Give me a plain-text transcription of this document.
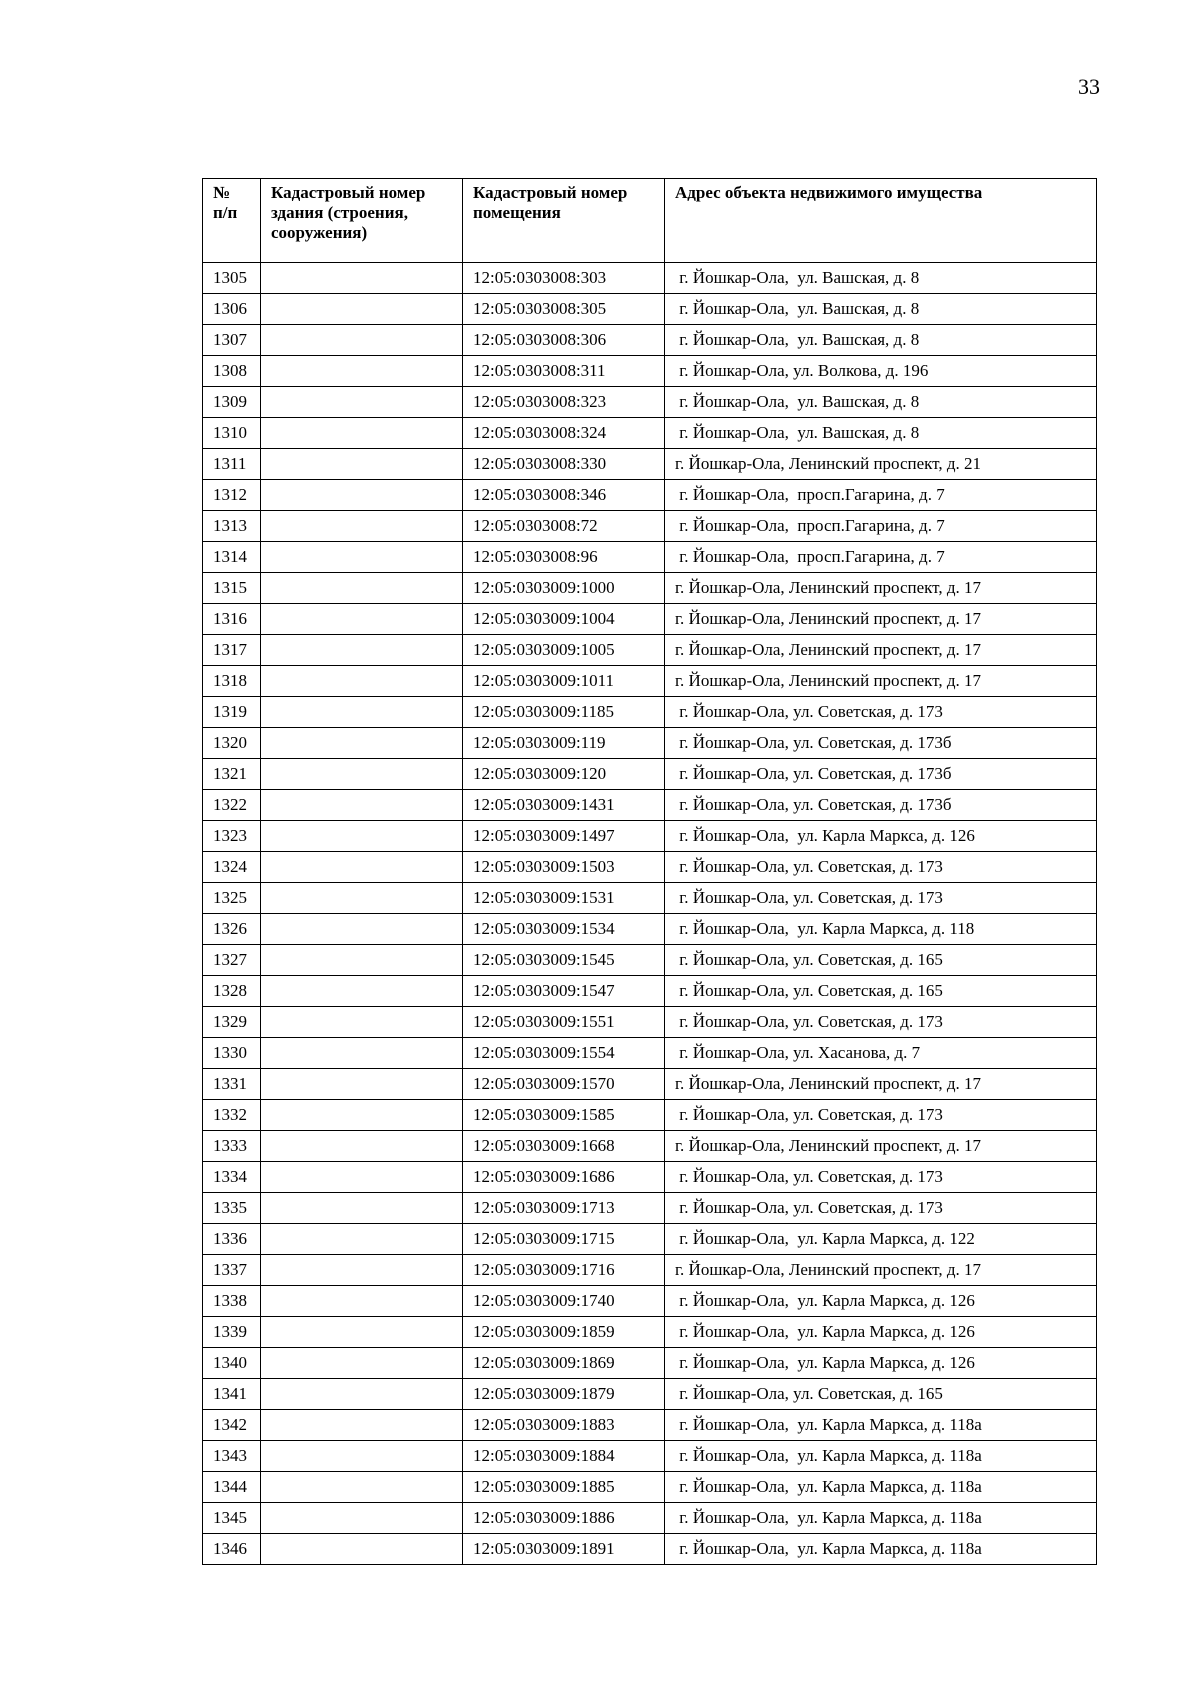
33
№
п/п	Кадастровый номер здания (строения, сооружения)	Кадастровый номер помещения	Адрес объекта недвижимого имущества
1305		12:05:0303008:303	г. Йошкар-Ола,  ул. Вашская, д. 8
1306		12:05:0303008:305	г. Йошкар-Ола,  ул. Вашская, д. 8
1307		12:05:0303008:306	г. Йошкар-Ола,  ул. Вашская, д. 8
1308		12:05:0303008:311	г. Йошкар-Ола, ул. Волкова, д. 196
1309		12:05:0303008:323	г. Йошкар-Ола,  ул. Вашская, д. 8
1310		12:05:0303008:324	г. Йошкар-Ола,  ул. Вашская, д. 8
1311		12:05:0303008:330	г. Йошкар-Ола, Ленинский проспект, д. 21
1312		12:05:0303008:346	г. Йошкар-Ола,  просп.Гагарина, д. 7
1313		12:05:0303008:72	г. Йошкар-Ола,  просп.Гагарина, д. 7
1314		12:05:0303008:96	г. Йошкар-Ола,  просп.Гагарина, д. 7
1315		12:05:0303009:1000	г. Йошкар-Ола, Ленинский проспект, д. 17
1316		12:05:0303009:1004	г. Йошкар-Ола, Ленинский проспект, д. 17
1317		12:05:0303009:1005	г. Йошкар-Ола, Ленинский проспект, д. 17
1318		12:05:0303009:1011	г. Йошкар-Ола, Ленинский проспект, д. 17
1319		12:05:0303009:1185	г. Йошкар-Ола, ул. Советская, д. 173
1320		12:05:0303009:119	г. Йошкар-Ола, ул. Советская, д. 173б
1321		12:05:0303009:120	г. Йошкар-Ола, ул. Советская, д. 173б
1322		12:05:0303009:1431	г. Йошкар-Ола, ул. Советская, д. 173б
1323		12:05:0303009:1497	г. Йошкар-Ола,  ул. Карла Маркса, д. 126
1324		12:05:0303009:1503	г. Йошкар-Ола, ул. Советская, д. 173
1325		12:05:0303009:1531	г. Йошкар-Ола, ул. Советская, д. 173
1326		12:05:0303009:1534	г. Йошкар-Ола,  ул. Карла Маркса, д. 118
1327		12:05:0303009:1545	г. Йошкар-Ола, ул. Советская, д. 165
1328		12:05:0303009:1547	г. Йошкар-Ола, ул. Советская, д. 165
1329		12:05:0303009:1551	г. Йошкар-Ола, ул. Советская, д. 173
1330		12:05:0303009:1554	г. Йошкар-Ола, ул. Хасанова, д. 7
1331		12:05:0303009:1570	г. Йошкар-Ола, Ленинский проспект, д. 17
1332		12:05:0303009:1585	г. Йошкар-Ола, ул. Советская, д. 173
1333		12:05:0303009:1668	г. Йошкар-Ола, Ленинский проспект, д. 17
1334		12:05:0303009:1686	г. Йошкар-Ола, ул. Советская, д. 173
1335		12:05:0303009:1713	г. Йошкар-Ола, ул. Советская, д. 173
1336		12:05:0303009:1715	г. Йошкар-Ола,  ул. Карла Маркса, д. 122
1337		12:05:0303009:1716	г. Йошкар-Ола, Ленинский проспект, д. 17
1338		12:05:0303009:1740	г. Йошкар-Ола,  ул. Карла Маркса, д. 126
1339		12:05:0303009:1859	г. Йошкар-Ола,  ул. Карла Маркса, д. 126
1340		12:05:0303009:1869	г. Йошкар-Ола,  ул. Карла Маркса, д. 126
1341		12:05:0303009:1879	г. Йошкар-Ола, ул. Советская, д. 165
1342		12:05:0303009:1883	г. Йошкар-Ола,  ул. Карла Маркса, д. 118а
1343		12:05:0303009:1884	г. Йошкар-Ола,  ул. Карла Маркса, д. 118а
1344		12:05:0303009:1885	г. Йошкар-Ола,  ул. Карла Маркса, д. 118а
1345		12:05:0303009:1886	г. Йошкар-Ола,  ул. Карла Маркса, д. 118а
1346		12:05:0303009:1891	г. Йошкар-Ола,  ул. Карла Маркса, д. 118а
